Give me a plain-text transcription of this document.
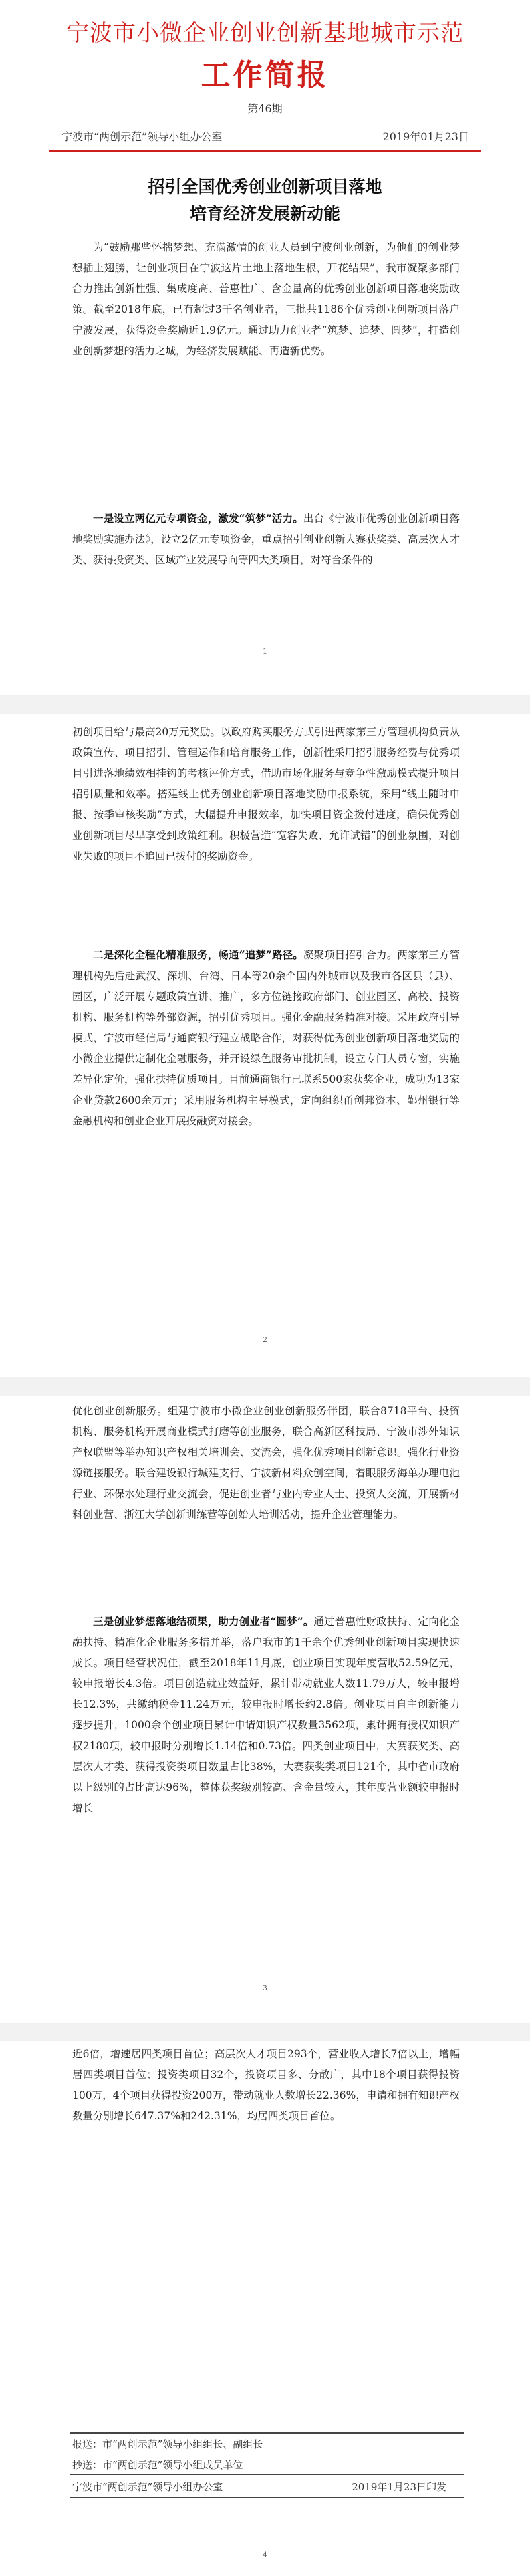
宁波市小微企业创业创新基地城市示范
工作简报
第46期
宁波市“两创示范”领导小组办公室	2019年01月23日
招引全国优秀创业创新项目落地
培育经济发展新动能

为“鼓励那些怀揣梦想、充满激情的创业人员到宁波创业创新，为他们的创业梦想插上翅膀，让创业项目在宁波这片土地上落地生根，开花结果”，我市凝聚多部门合力推出创新性强、集成度高、普惠性广、含金量高的优秀创业创新项目落地奖励政策。截至2018年底，已有超过3千名创业者，三批共1186个优秀创业创新项目落户宁波发展，获得资金奖励近1.9亿元。通过助力创业者“筑梦、追梦、圆梦”，打造创业创新梦想的活力之城，为经济发展赋能、再造新优势。

一是设立两亿元专项资金，激发“筑梦”活力。出台《宁波市优秀创业创新项目落地奖励实施办法》，设立2亿元专项资金，重点招引创业创新大赛获奖类、高层次人才类、获得投资类、区域产业发展导向等四大类项目，对符合条件的

1

初创项目给与最高20万元奖励。以政府购买服务方式引进两家第三方管理机构负责从政策宣传、项目招引、管理运作和培育服务工作，创新性采用招引服务经费与优秀项目引进落地绩效相挂钩的考核评价方式，借助市场化服务与竞争性激励模式提升项目招引质量和效率。搭建线上优秀创业创新项目落地奖励申报系统，采用“线上随时申报、按季审核奖励”方式，大幅提升申报效率，加快项目资金拨付进度，确保优秀创业创新项目尽早享受到政策红利。积极营造“宽容失败、允许试错”的创业氛围，对创业失败的项目不追回已拨付的奖励资金。

二是深化全程化精准服务，畅通“追梦”路径。凝聚项目招引合力。两家第三方管理机构先后赴武汉、深圳、台湾、日本等20余个国内外城市以及我市各区县（县）、园区，广泛开展专题政策宣讲、推广，多方位链接政府部门、创业园区、高校、投资机构、服务机构等外部资源，招引优秀项目。强化金融服务精准对接。采用政府引导模式，宁波市经信局与通商银行建立战略合作，对获得优秀创业创新项目落地奖励的小微企业提供定制化金融服务，并开设绿色服务审批机制，设立专门人员专窗，实施差异化定价，强化扶持优质项目。目前通商银行已联系500家获奖企业，成功为13家企业贷款2600余万元；采用服务机构主导模式，定向组织甬创邦资本、鄞州银行等金融机构和创业企业开展投融资对接会。

2

优化创业创新服务。组建宁波市小微企业创业创新服务伴团，联合8718平台、投资机构、服务机构开展商业模式打磨等创业服务，联合高新区科技局、宁波市涉外知识产权联盟等举办知识产权相关培训会、交流会，强化优秀项目创新意识。强化行业资源链接服务。联合建设银行城建支行、宁波新材料众创空间，着眼服务海单办理电池行业、环保水处理行业交流会，促进创业者与业内专业人士、投资人交流，开展新材料创业营、浙江大学创新训练营等创始人培训活动，提升企业管理能力。

三是创业梦想落地结硕果，助力创业者“圆梦”。通过普惠性财政扶持、定向化金融扶持、精准化企业服务多措并举，落户我市的1千余个优秀创业创新项目实现快速成长。项目经营状况佳，截至2018年11月底，创业项目实现年度营收52.59亿元，较申报增长4.3倍。项目创造就业效益好，累计带动就业人数11.79万人，较申报增长12.3%，共缴纳税金11.24万元，较申报时增长约2.8倍。创业项目自主创新能力逐步提升，1000余个创业项目累计申请知识产权数量3562项，累计拥有授权知识产权2180项，较申报时分别增长1.14倍和0.73倍。四类创业项目中，大赛获奖类、高层次人才类、获得投资类项目数量占比38%，大赛获奖类项目121个，其中省市政府以上级别的占比高达96%，整体获奖级别较高、含金量较大，其年度营业额较申报时增长

3

近6倍，增速居四类项目首位；高层次人才项目293个，营业收入增长7倍以上，增幅居四类项目首位；投资类项目32个，投资项目多、分散广，其中18个项目获得投资100万，4个项目获得投资200万，带动就业人数增长22.36%，申请和拥有知识产权数量分别增长647.37%和242.31%，均居四类项目首位。

报送：市“两创示范”领导小组组长、副组长
抄送：市“两创示范”领导小组成员单位
宁波市“两创示范”领导小组办公室	2019年1月23日印发
4
